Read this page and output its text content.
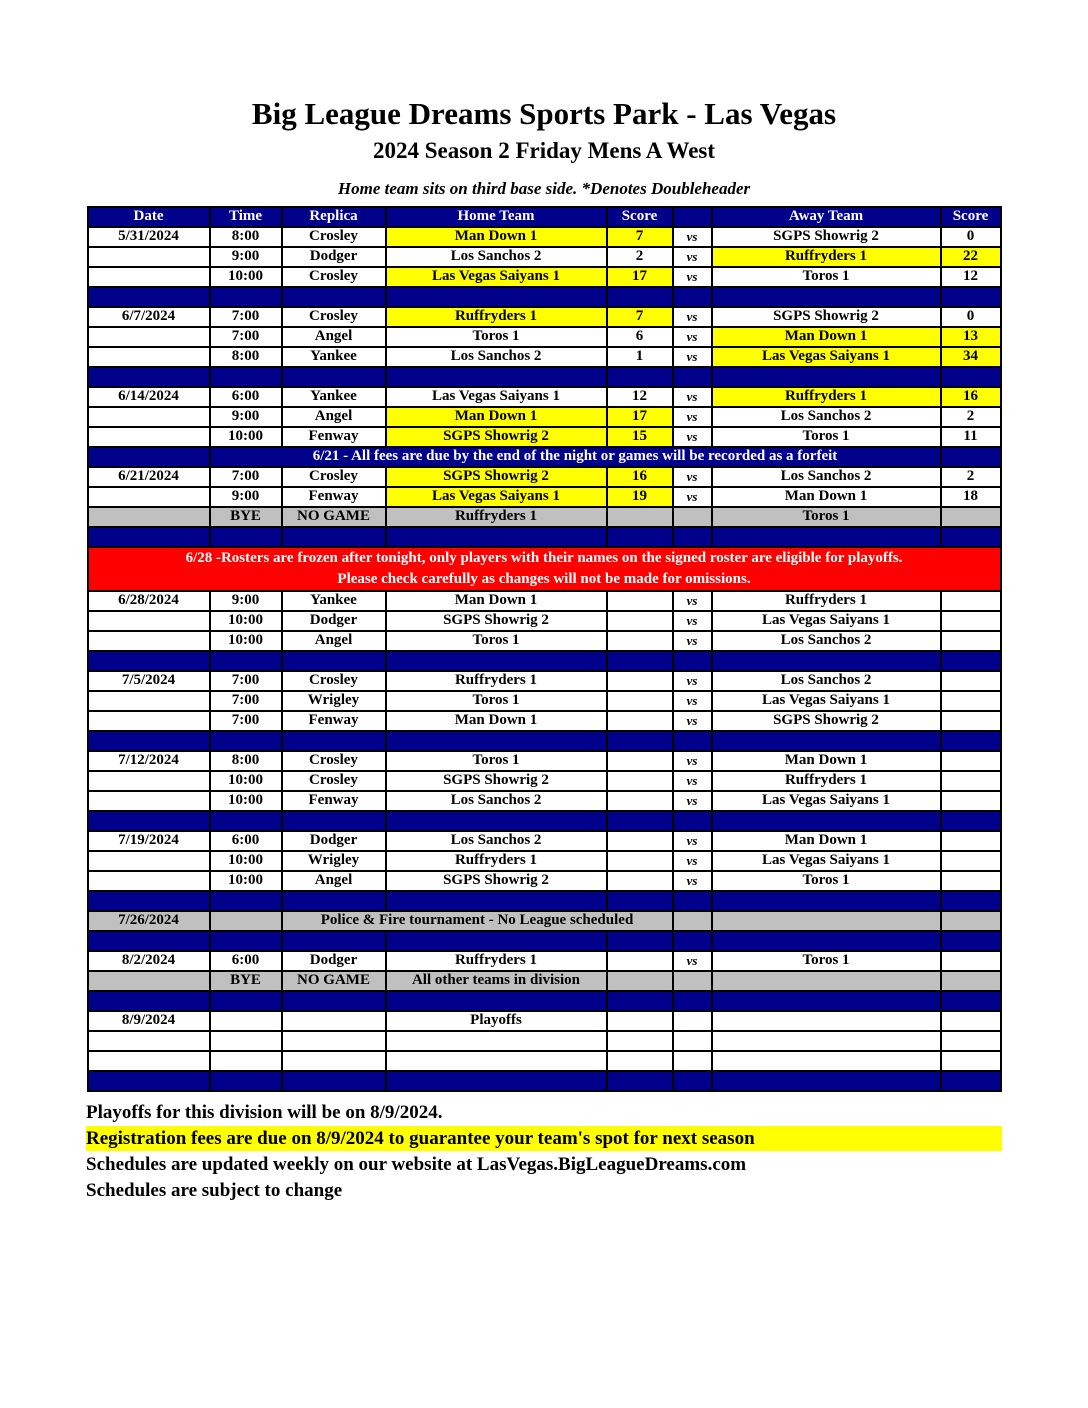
Big League Dreams Sports Park - Las Vegas
2024 Season 2 Friday Mens A West
Home team sits on third base side. *Denotes Doubleheader
Date	Time	Replica	Home Team	Score		Away Team	Score
5/31/2024	8:00	Crosley	Man Down 1	7	vs	SGPS Showrig 2	0
	9:00	Dodger	Los Sanchos 2	2	vs	Ruffryders 1	22
	10:00	Crosley	Las Vegas Saiyans 1	17	vs	Toros 1	12

6/7/2024	7:00	Crosley	Ruffryders 1	7	vs	SGPS Showrig 2	0
	7:00	Angel	Toros 1	6	vs	Man Down 1	13
	8:00	Yankee	Los Sanchos 2	1	vs	Las Vegas Saiyans 1	34

6/14/2024	6:00	Yankee	Las Vegas Saiyans 1	12	vs	Ruffryders 1	16
	9:00	Angel	Man Down 1	17	vs	Los Sanchos 2	2
	10:00	Fenway	SGPS Showrig 2	15	vs	Toros 1	11
	6/21 - All fees are due by the end of the night or games will be recorded as a forfeit						
6/21/2024	7:00	Crosley	SGPS Showrig 2	16	vs	Los Sanchos 2	2
	9:00	Fenway	Las Vegas Saiyans 1	19	vs	Man Down 1	18
	BYE	NO GAME	Ruffryders 1			Toros 1	

6/28 -Rosters are frozen after tonight, only players with their names on the signed roster are eligible for playoffs.
Please check carefully as changes will not be made for omissions.							

6/28/2024	9:00	Yankee	Man Down 1		vs	Ruffryders 1	
	10:00	Dodger	SGPS Showrig 2		vs	Las Vegas Saiyans 1	
	10:00	Angel	Toros 1		vs	Los Sanchos 2	

7/5/2024	7:00	Crosley	Ruffryders 1		vs	Los Sanchos 2	
	7:00	Wrigley	Toros 1		vs	Las Vegas Saiyans 1	
	7:00	Fenway	Man Down 1		vs	SGPS Showrig 2	

7/12/2024	8:00	Crosley	Toros 1		vs	Man Down 1	
	10:00	Crosley	SGPS Showrig 2		vs	Ruffryders 1	
	10:00	Fenway	Los Sanchos 2		vs	Las Vegas Saiyans 1	

7/19/2024	6:00	Dodger	Los Sanchos 2		vs	Man Down 1	
	10:00	Wrigley	Ruffryders 1		vs	Las Vegas Saiyans 1	
	10:00	Angel	SGPS Showrig 2		vs	Toros 1	

7/26/2024		Police & Fire tournament - No League scheduled					

8/2/2024	6:00	Dodger	Ruffryders 1		vs	Toros 1	
	BYE	NO GAME	All other teams in division				

8/9/2024			Playoffs				

Playoffs for this division will be on 8/9/2024.
Registration fees are due on 8/9/2024 to guarantee your team's spot for next season
Schedules are updated weekly on our website at LasVegas.BigLeagueDreams.com
Schedules are subject to change
